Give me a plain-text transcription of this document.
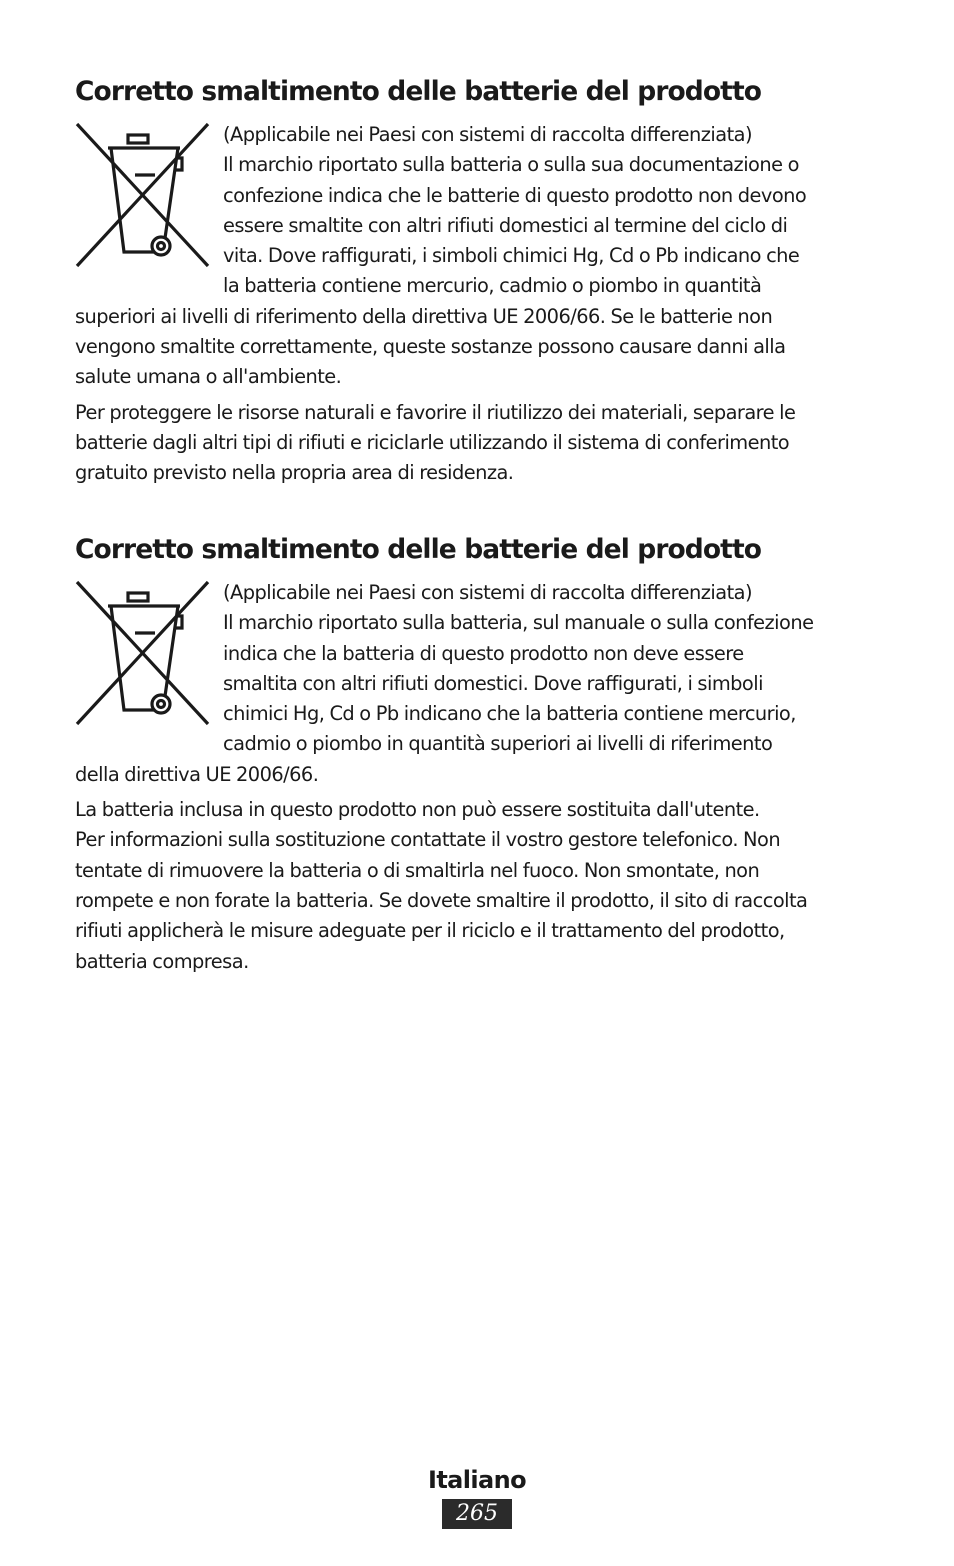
Corretto smaltimento delle batterie del prodotto

(Applicabile nei Paesi con sistemi di raccolta differenziata)

Il marchio riportato sulla batteria o sulla sua documentazione o

confezione indica che le batterie di questo prodotto non devono

essere smaltite con altri rifiuti domestici al termine del ciclo di

vita. Dove raffigurati, i simboli chimici Hg, Cd o Pb indicano che

la batteria contiene mercurio, cadmio o piombo in quantità

superiori ai livelli di riferimento della direttiva UE 2006/66. Se le batterie non

vengono smaltite correttamente, queste sostanze possono causare danni alla

salute umana o all'ambiente.

Per proteggere le risorse naturali e favorire il riutilizzo dei materiali, separare le

batterie dagli altri tipi di rifiuti e riciclarle utilizzando il sistema di conferimento

gratuito previsto nella propria area di residenza.

Corretto smaltimento delle batterie del prodotto

(Applicabile nei Paesi con sistemi di raccolta differenziata)

Il marchio riportato sulla batteria, sul manuale o sulla confezione

indica che la batteria di questo prodotto non deve essere

smaltita con altri rifiuti domestici. Dove raffigurati, i simboli

chimici Hg, Cd o Pb indicano che la batteria contiene mercurio,

cadmio o piombo in quantità superiori ai livelli di riferimento

della direttiva UE 2006/66.

La batteria inclusa in questo prodotto non può essere sostituita dall'utente.

Per informazioni sulla sostituzione contattate il vostro gestore telefonico. Non

tentate di rimuovere la batteria o di smaltirla nel fuoco. Non smontate, non

rompete e non forate la batteria. Se dovete smaltire il prodotto, il sito di raccolta

rifiuti applicherà le misure adeguate per il riciclo e il trattamento del prodotto,

batteria compresa.

Italiano
265
